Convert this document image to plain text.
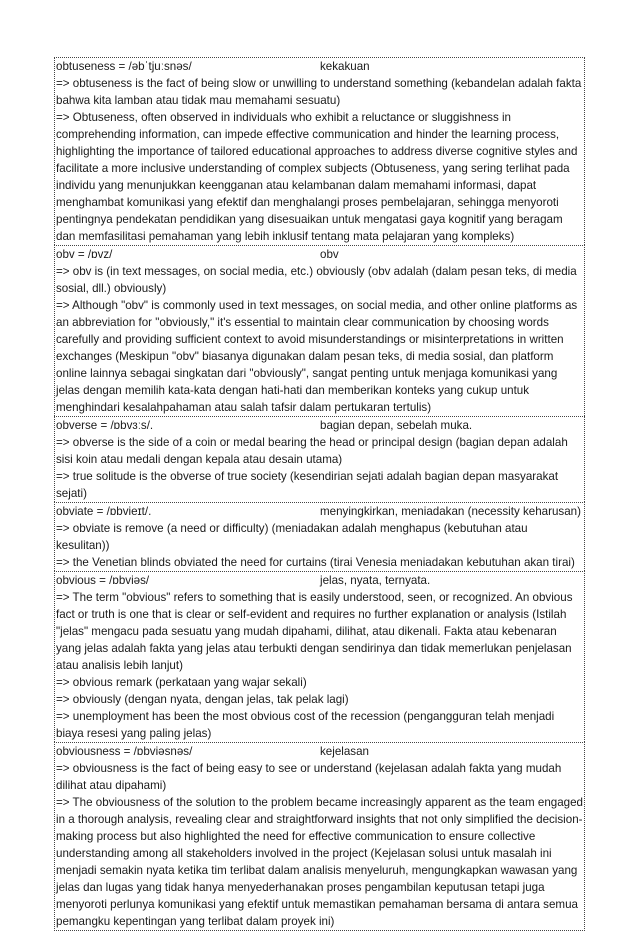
obtuseness = /əbˈtjuːsnəs/	kekakuan

=> obtuseness is the fact of being slow or unwilling to understand something (kebandelan adalah fakta bahwa kita lamban atau tidak mau memahami sesuatu)

=> Obtuseness, often observed in individuals who exhibit a reluctance or sluggishness in comprehending information, can impede effective communication and hinder the learning process, highlighting the importance of tailored educational approaches to address diverse cognitive styles and facilitate a more inclusive understanding of complex subjects (Obtuseness, yang sering terlihat pada individu yang menunjukkan keengganan atau kelambanan dalam memahami informasi, dapat menghambat komunikasi yang efektif dan menghalangi proses pembelajaran, sehingga menyoroti pentingnya pendekatan pendidikan yang disesuaikan untuk mengatasi gaya kognitif yang beragam dan memfasilitasi pemahaman yang lebih inklusif tentang mata pelajaran yang kompleks)

obv = /ɒvz/	obv

=> obv is (in text messages, on social media, etc.) obviously (obv adalah (dalam pesan teks, di media sosial, dll.) obviously)

=> Although "obv" is commonly used in text messages, on social media, and other online platforms as an abbreviation for "obviously," it's essential to maintain clear communication by choosing words carefully and providing sufficient context to avoid misunderstandings or misinterpretations in written exchanges (Meskipun "obv" biasanya digunakan dalam pesan teks, di media sosial, dan platform online lainnya sebagai singkatan dari "obviously", sangat penting untuk menjaga komunikasi yang jelas dengan memilih kata-kata dengan hati-hati dan memberikan konteks yang cukup untuk menghindari kesalahpahaman atau salah tafsir dalam pertukaran tertulis)

obverse = /ɒbvɜːs/.	bagian depan, sebelah muka.

=> obverse is the side of a coin or medal bearing the head or principal design (bagian depan adalah sisi koin atau medali dengan kepala atau desain utama)

=> true solitude is the obverse of true society (kesendirian sejati adalah bagian depan masyarakat sejati)

obviate = /ɒbvieɪt/.	menyingkirkan, meniadakan (necessity keharusan)

=> obviate is remove (a need or difficulty) (meniadakan adalah menghapus (kebutuhan atau kesulitan))

=> the Venetian blinds obviated the need for curtains (tirai Venesia meniadakan kebutuhan akan tirai)

obvious = /ɒbviəs/	jelas, nyata, ternyata.

=> The term "obvious" refers to something that is easily understood, seen, or recognized. An obvious fact or truth is one that is clear or self-evident and requires no further explanation or analysis (Istilah "jelas" mengacu pada sesuatu yang mudah dipahami, dilihat, atau dikenali. Fakta atau kebenaran yang jelas adalah fakta yang jelas atau terbukti dengan sendirinya dan tidak memerlukan penjelasan atau analisis lebih lanjut)

=> obvious remark (perkataan yang wajar sekali)

=> obviously (dengan nyata, dengan jelas, tak pelak lagi)

=> unemployment has been the most obvious cost of the recession (pengangguran telah menjadi biaya resesi yang paling jelas)

obviousness = /ɒbviəsnəs/	kejelasan

=> obviousness is the fact of being easy to see or understand (kejelasan adalah fakta yang mudah dilihat atau dipahami)

=> The obviousness of the solution to the problem became increasingly apparent as the team engaged in a thorough analysis, revealing clear and straightforward insights that not only simplified the decision-making process but also highlighted the need for effective communication to ensure collective understanding among all stakeholders involved in the project (Kejelasan solusi untuk masalah ini menjadi semakin nyata ketika tim terlibat dalam analisis menyeluruh, mengungkapkan wawasan yang jelas dan lugas yang tidak hanya menyederhanakan proses pengambilan keputusan tetapi juga menyoroti perlunya komunikasi yang efektif untuk memastikan pemahaman bersama di antara semua pemangku kepentingan yang terlibat dalam proyek ini)
